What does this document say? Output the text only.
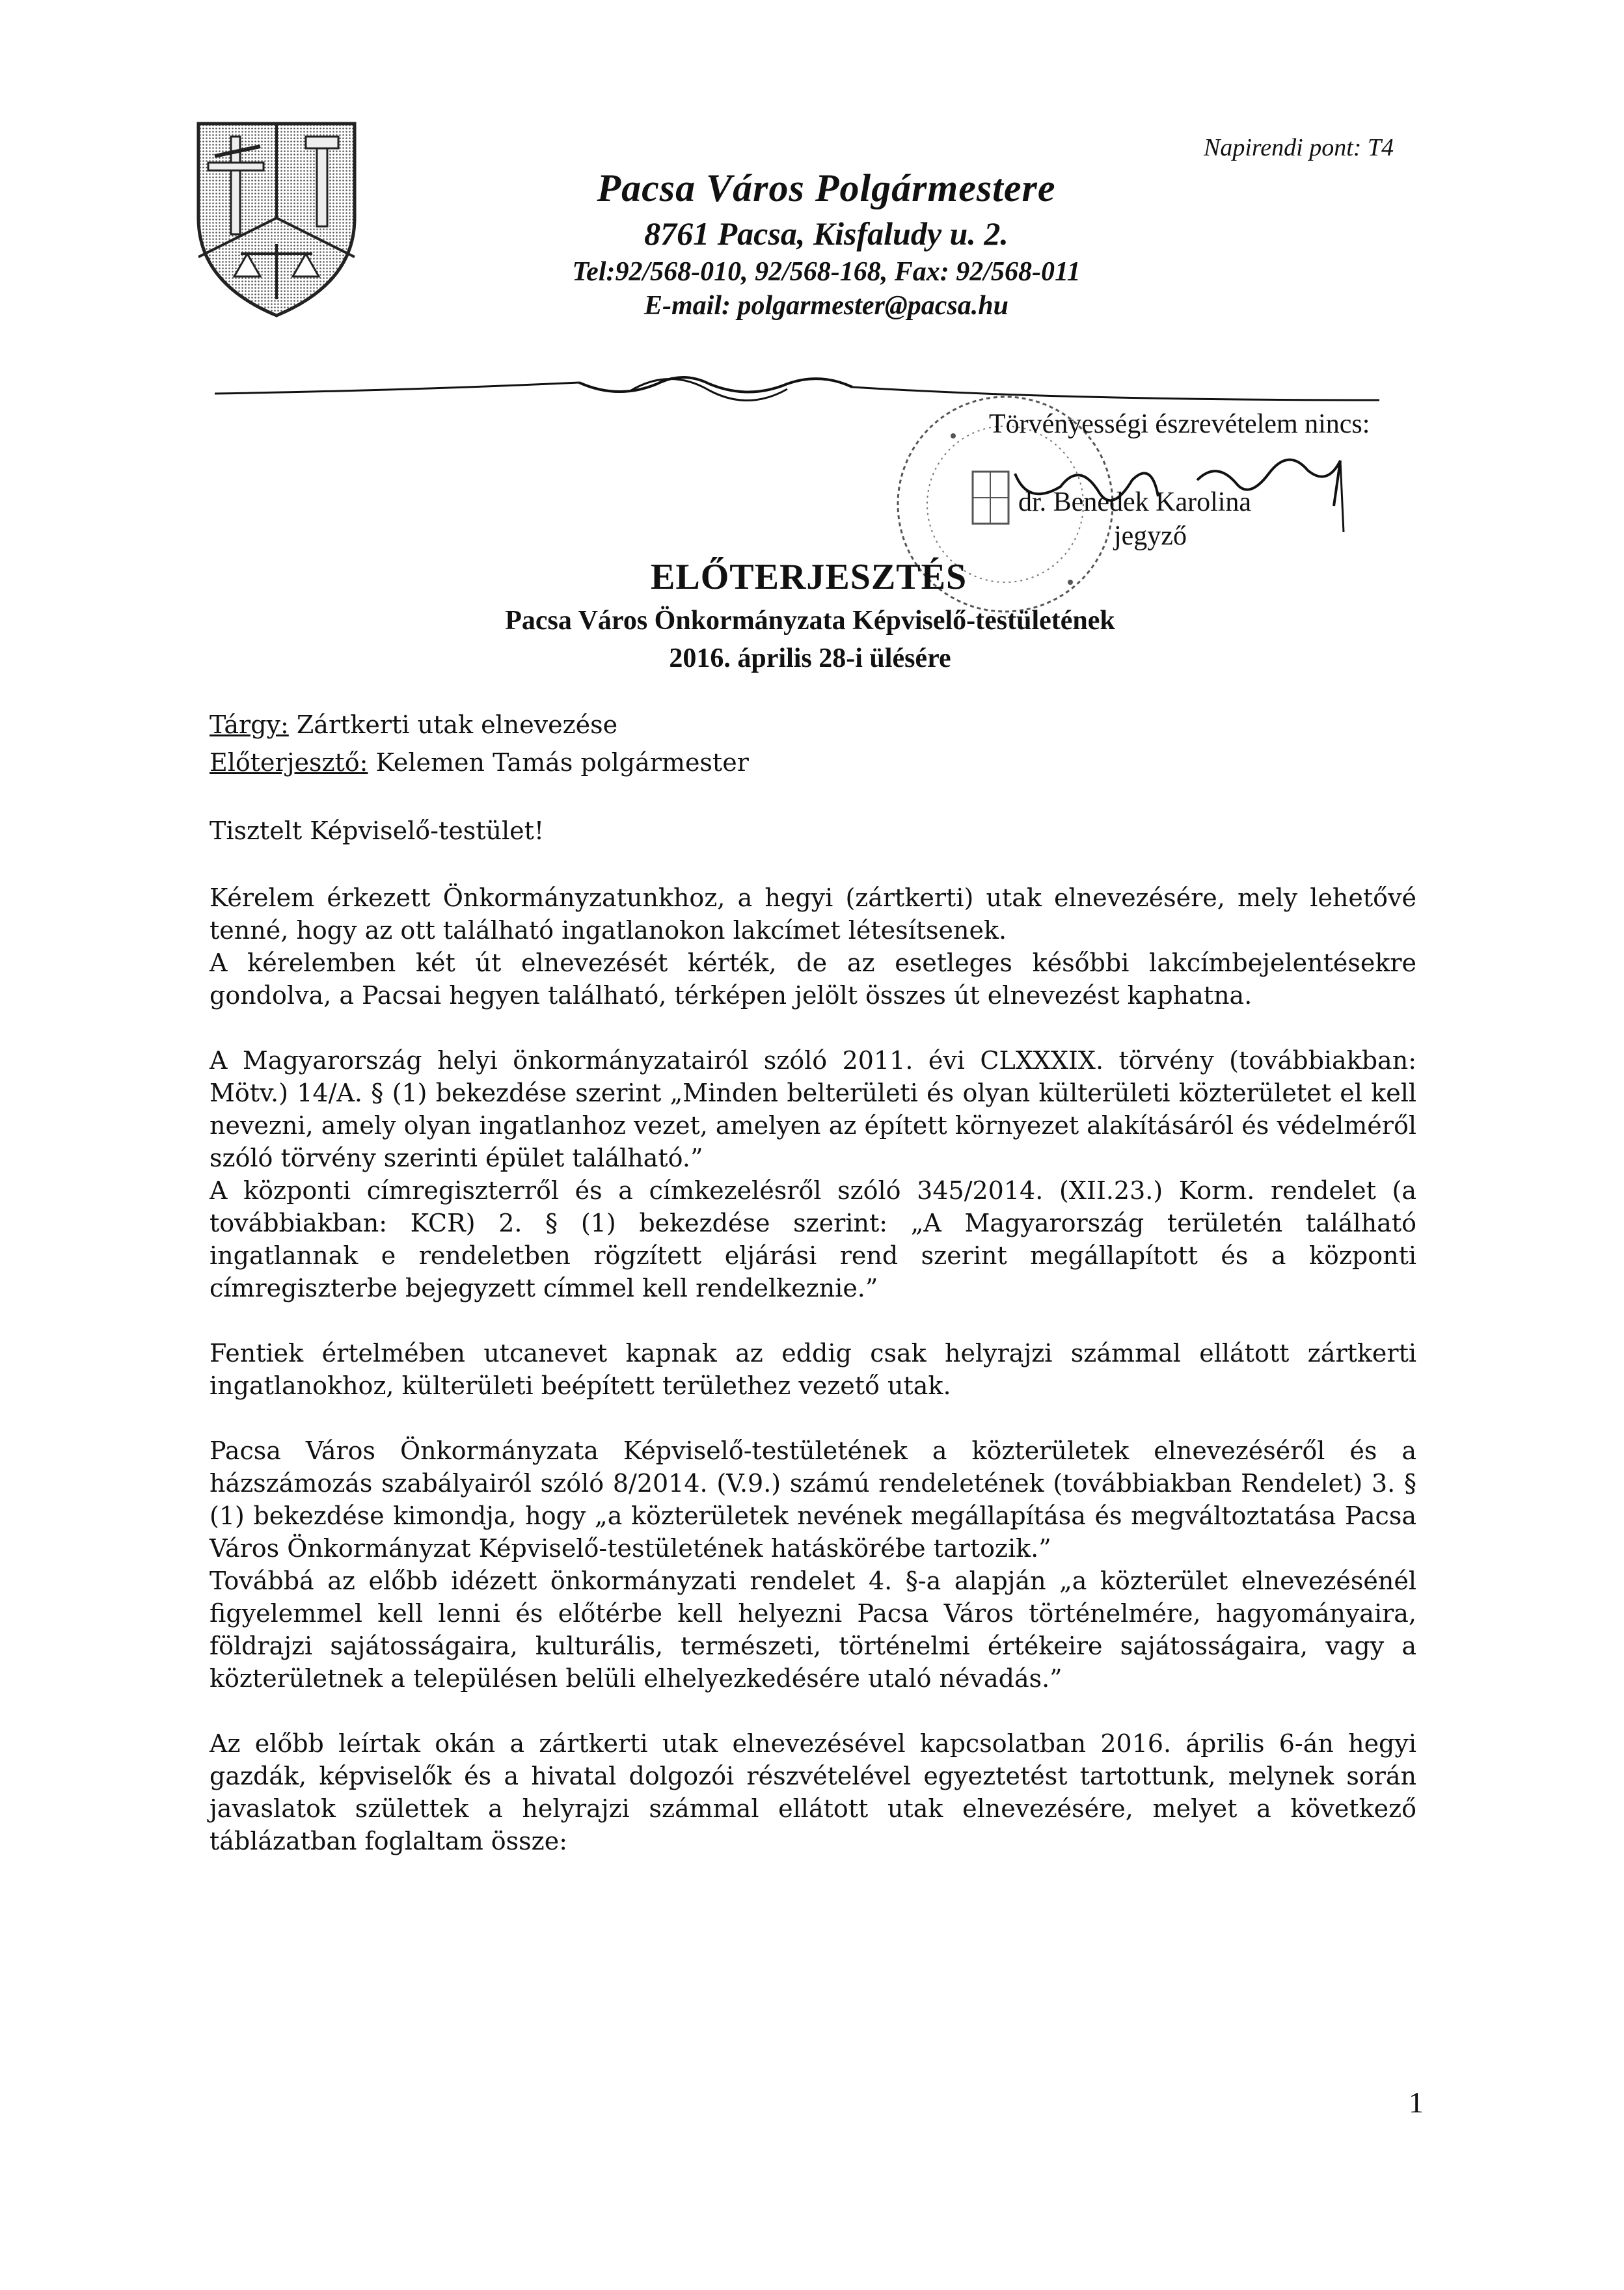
Napirendi pont: T4
Pacsa Város Polgármestere
8761 Pacsa, Kisfaludy u. 2.
Tel:92/568-010, 92/568-168, Fax: 92/568-011
E-mail: polgarmester@pacsa.hu
Törvényességi észrevételem nincs:
dr. Benedek Karolina
jegyző
ELŐTERJESZTÉS
Pacsa Város Önkormányzata Képviselő-testületének
2016. április 28-i ülésére
Tárgy: Zártkerti utak elnevezése
Előterjesztő: Kelemen Tamás polgármester
Tisztelt Képviselő-testület!

Kérelem érkezett Önkormányzatunkhoz, a hegyi (zártkerti) utak elnevezésére, mely lehetővé tenné, hogy az ott található ingatlanokon lakcímet létesítsenek.

A kérelemben két út elnevezését kérték, de az esetleges későbbi lakcímbejelentésekre gondolva, a Pacsai hegyen található, térképen jelölt összes út elnevezést kaphatna.

A Magyarország helyi önkormányzatairól szóló 2011. évi CLXXXIX. törvény (továbbiakban: Mötv.) 14/A. § (1) bekezdése szerint „Minden belterületi és olyan külterületi közterületet el kell nevezni, amely olyan ingatlanhoz vezet, amelyen az épített környezet alakításáról és védelméről szóló törvény szerinti épület található.”

A központi címregiszterről és a címkezelésről szóló 345/2014. (XII.23.) Korm. rendelet (a továbbiakban: KCR) 2. § (1) bekezdése szerint: „A Magyarország területén található ingatlannak e rendeletben rögzített eljárási rend szerint megállapított és a központi címregiszterbe bejegyzett címmel kell rendelkeznie.”

Fentiek értelmében utcanevet kapnak az eddig csak helyrajzi számmal ellátott zártkerti ingatlanokhoz, külterületi beépített területhez vezető utak.

Pacsa Város Önkormányzata Képviselő-testületének a közterületek elnevezéséről és a házszámozás szabályairól szóló 8/2014. (V.9.) számú rendeletének (továbbiakban Rendelet) 3. § (1) bekezdése kimondja, hogy „a közterületek nevének megállapítása és megváltoztatása Pacsa Város Önkormányzat Képviselő-testületének hatáskörébe tartozik.”

Továbbá az előbb idézett önkormányzati rendelet 4. §-a alapján „a közterület elnevezésénél figyelemmel kell lenni és előtérbe kell helyezni Pacsa Város történelmére, hagyományaira, földrajzi sajátosságaira, kulturális, természeti, történelmi értékeire sajátosságaira, vagy a közterületnek a településen belüli elhelyezkedésére utaló névadás.”

Az előbb leírtak okán a zártkerti utak elnevezésével kapcsolatban 2016. április 6-án hegyi gazdák, képviselők és a hivatal dolgozói részvételével egyeztetést tartottunk, melynek során javaslatok születtek a helyrajzi számmal ellátott utak elnevezésére, melyet a következő táblázatban foglaltam össze:

1
